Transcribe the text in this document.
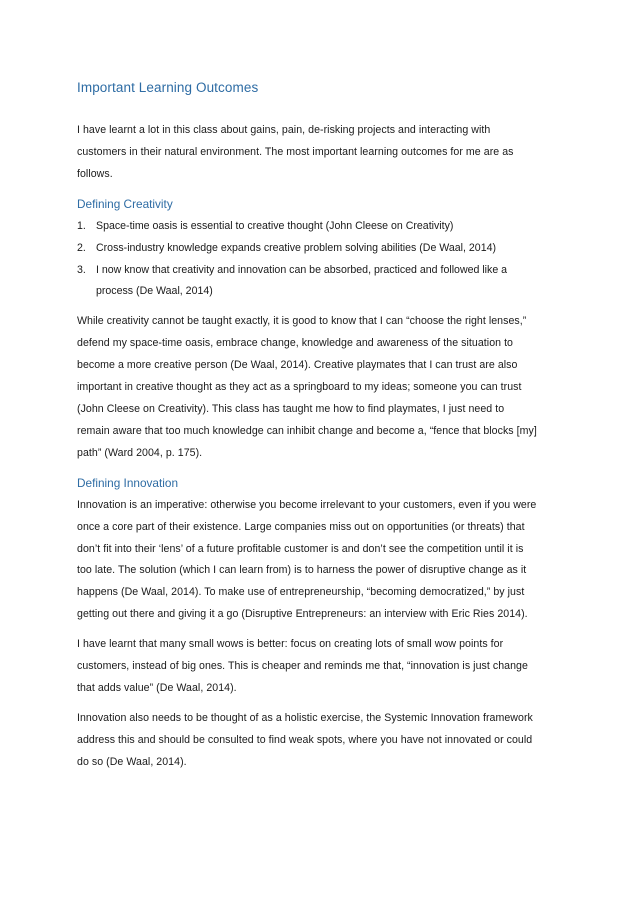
Important Learning Outcomes

I have learnt a lot in this class about gains, pain, de-risking projects and interacting with customers in their natural environment. The most important learning outcomes for me are as follows.

Defining Creativity
1. Space-time oasis is essential to creative thought (John Cleese on Creativity)
2. Cross-industry knowledge expands creative problem solving abilities (De Waal, 2014)
3. I now know that creativity and innovation can be absorbed, practiced and followed like a process (De Waal, 2014)

While creativity cannot be taught exactly, it is good to know that I can “choose the right lenses,” defend my space-time oasis, embrace change, knowledge and awareness of the situation to become a more creative person (De Waal, 2014). Creative playmates that I can trust are also important in creative thought as they act as a springboard to my ideas; someone you can trust (John Cleese on Creativity). This class has taught me how to find playmates, I just need to remain aware that too much knowledge can inhibit change and become a, “fence that blocks [my] path” (Ward 2004, p. 175).

Defining Innovation

Innovation is an imperative: otherwise you become irrelevant to your customers, even if you were once a core part of their existence. Large companies miss out on opportunities (or threats) that don’t fit into their ‘lens’ of a future profitable customer is and don’t see the competition until it is too late. The solution (which I can learn from) is to harness the power of disruptive change as it happens (De Waal, 2014). To make use of entrepreneurship, “becoming democratized,” by just getting out there and giving it a go (Disruptive Entrepreneurs: an interview with Eric Ries 2014).

I have learnt that many small wows is better: focus on creating lots of small wow points for customers, instead of big ones. This is cheaper and reminds me that, “innovation is just change that adds value” (De Waal, 2014).

Innovation also needs to be thought of as a holistic exercise, the Systemic Innovation framework address this and should be consulted to find weak spots, where you have not innovated or could do so (De Waal, 2014).
